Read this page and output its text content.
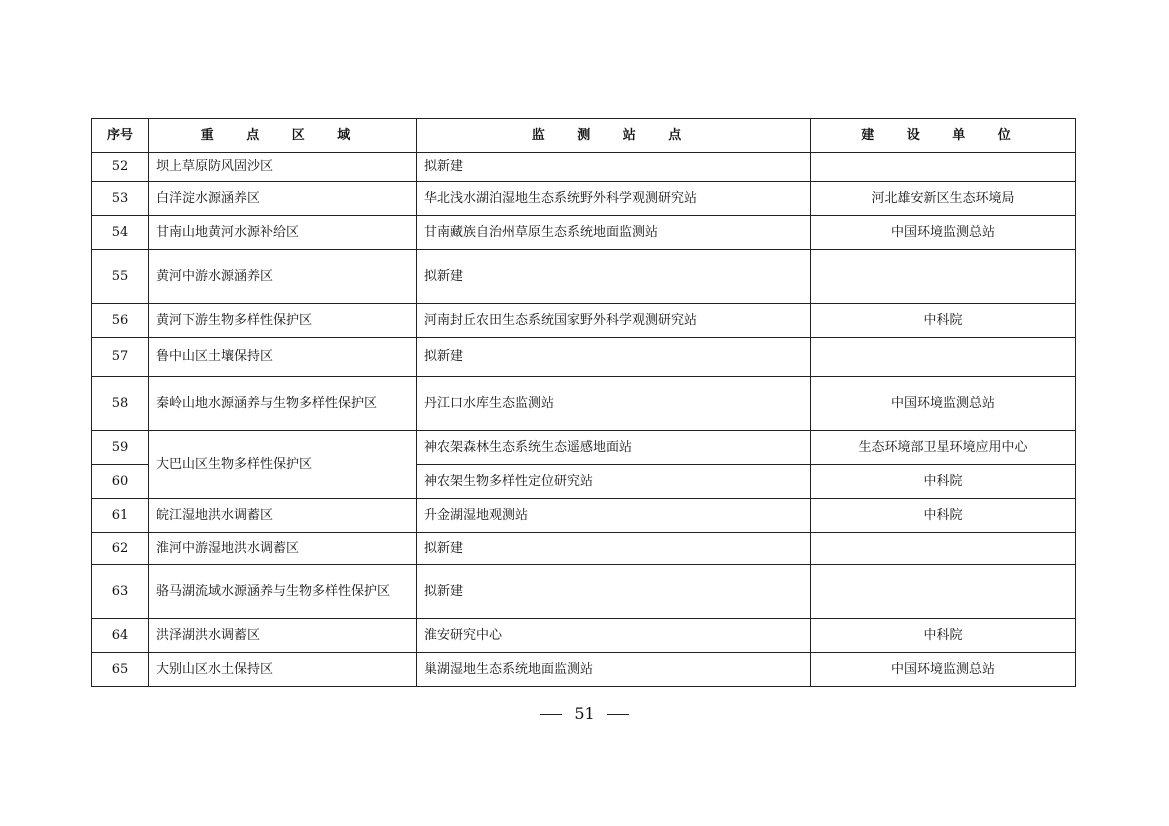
序号	重 点 区 域	监 测 站 点	建 设 单 位
52	坝上草原防风固沙区	拟新建	
53	白洋淀水源涵养区	华北浅水湖泊湿地生态系统野外科学观测研究站	河北雄安新区生态环境局
54	甘南山地黄河水源补给区	甘南藏族自治州草原生态系统地面监测站	中国环境监测总站
55	黄河中游水源涵养区	拟新建	
56	黄河下游生物多样性保护区	河南封丘农田生态系统国家野外科学观测研究站	中科院
57	鲁中山区土壤保持区	拟新建	
58	秦岭山地水源涵养与生物多样性保护区	丹江口水库生态监测站	中国环境监测总站
59	大巴山区生物多样性保护区	神农架森林生态系统生态遥感地面站	生态环境部卫星环境应用中心
60		神农架生物多样性定位研究站	中科院
61	皖江湿地洪水调蓄区	升金湖湿地观测站	中科院
62	淮河中游湿地洪水调蓄区	拟新建	
63	骆马湖流域水源涵养与生物多样性保护区	拟新建	
64	洪泽湖洪水调蓄区	淮安研究中心	中科院
65	大别山区水土保持区	巢湖湿地生态系统地面监测站	中国环境监测总站
51
